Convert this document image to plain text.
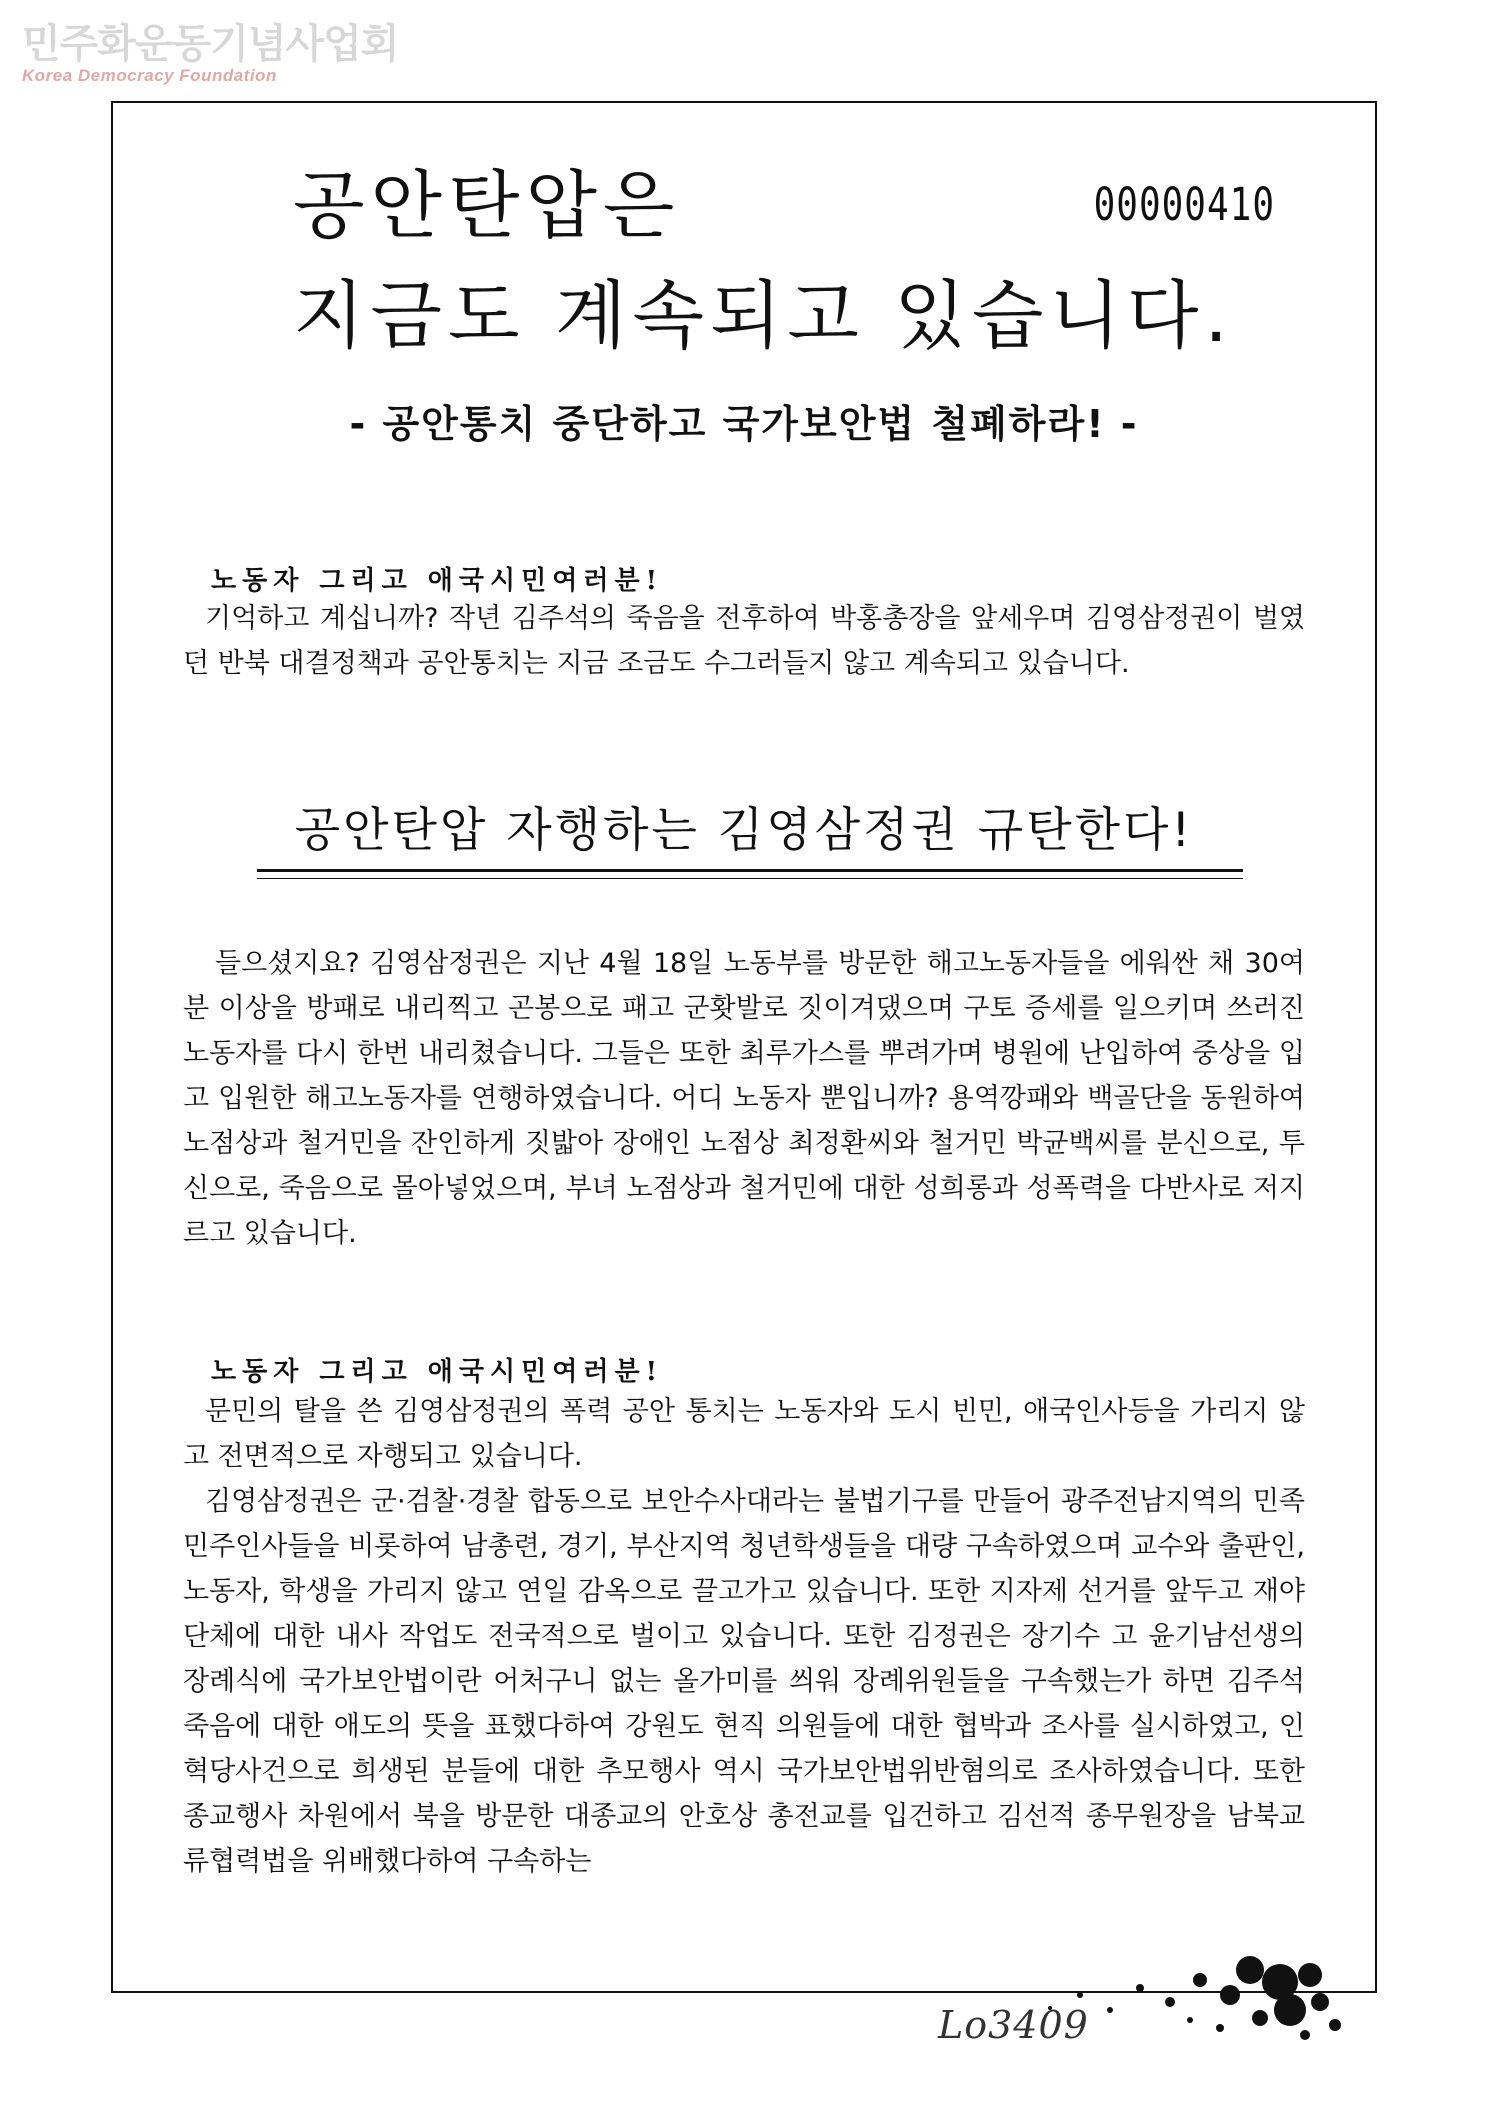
민주화운동기념사업회
Korea Democracy Foundation
공안탄압은	00000410
지금도 계속되고 있습니다.
- 공안통치 중단하고 국가보안법 철폐하라! -
노동자 그리고 애국시민여러분!
기억하고 계십니까? 작년 김주석의 죽음을 전후하여 박홍총장을 앞세우며 김영삼정권이 벌였던 반북 대결정책과 공안통치는 지금 조금도 수그러들지 않고 계속되고 있습니다.
공안탄압 자행하는 김영삼정권 규탄한다!
들으셨지요? 김영삼정권은 지난 4월 18일 노동부를 방문한 해고노동자들을 에워싼 채 30여분 이상을 방패로 내리찍고 곤봉으로 패고 군홧발로 짓이겨댔으며 구토 증세를 일으키며 쓰러진 노동자를 다시 한번 내리쳤습니다. 그들은 또한 최루가스를 뿌려가며 병원에 난입하여 중상을 입고 입원한 해고노동자를 연행하였습니다. 어디 노동자 뿐입니까? 용역깡패와 백골단을 동원하여 노점상과 철거민을 잔인하게 짓밟아 장애인 노점상 최정환씨와 철거민 박균백씨를 분신으로, 투신으로, 죽음으로 몰아넣었으며, 부녀 노점상과 철거민에 대한 성희롱과 성폭력을 다반사로 저지르고 있습니다.
노동자 그리고 애국시민여러분!
문민의 탈을 쓴 김영삼정권의 폭력 공안 통치는 노동자와 도시 빈민, 애국인사등을 가리지 않고 전면적으로 자행되고 있습니다.
김영삼정권은 군·검찰·경찰 합동으로 보안수사대라는 불법기구를 만들어 광주전남지역의 민족민주인사들을 비롯하여 남총련, 경기, 부산지역 청년학생들을 대량 구속하였으며 교수와 출판인, 노동자, 학생을 가리지 않고 연일 감옥으로 끌고가고 있습니다. 또한 지자제 선거를 앞두고 재야 단체에 대한 내사 작업도 전국적으로 벌이고 있습니다. 또한 김정권은 장기수 고 윤기남선생의 장례식에 국가보안법이란 어처구니 없는 올가미를 씌워 장례위원들을 구속했는가 하면 김주석 죽음에 대한 애도의 뜻을 표했다하여 강원도 현직 의원들에 대한 협박과 조사를 실시하였고, 인혁당사건으로 희생된 분들에 대한 추모행사 역시 국가보안법위반혐의로 조사하였습니다. 또한 종교행사 차원에서 북을 방문한 대종교의 안호상 총전교를 입건하고 김선적 종무원장을 남북교류협력법을 위배했다하여 구속하는
Lo3409
